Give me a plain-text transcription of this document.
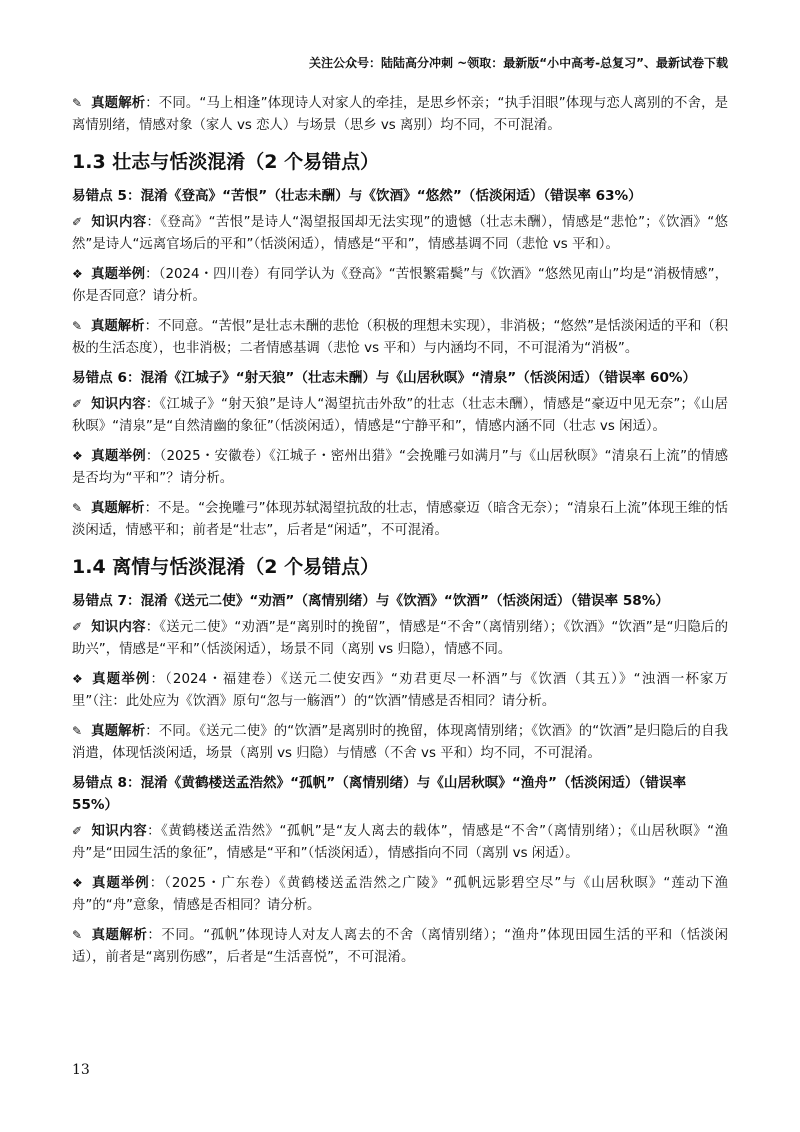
关注公众号：陆陆高分冲刺 ~领取：最新版“小中高考-总复习”、最新试卷下载

✎ 真题解析：不同。“马上相逢”体现诗人对家人的牵挂，是思乡怀亲；“执手泪眼”体现与恋人离别的不舍，是离情别绪，情感对象（家人 vs 恋人）与场景（思乡 vs 离别）均不同，不可混淆。

1.3 壮志与恬淡混淆（2 个易错点）
易错点 5：混淆《登高》“苦恨”（壮志未酬）与《饮酒》“悠然”（恬淡闲适）（错误率 63%）

✐ 知识内容：《登高》“苦恨”是诗人“渴望报国却无法实现”的遗憾（壮志未酬），情感是“悲怆”；《饮酒》“悠然”是诗人“远离官场后的平和”（恬淡闲适），情感是“平和”，情感基调不同（悲怆 vs 平和）。

❖ 真题举例：（2024・四川卷）有同学认为《登高》“苦恨繁霜鬓”与《饮酒》“悠然见南山”均是“消极情感”，你是否同意？请分析。

✎ 真题解析：不同意。“苦恨”是壮志未酬的悲怆（积极的理想未实现），非消极；“悠然”是恬淡闲适的平和（积极的生活态度），也非消极；二者情感基调（悲怆 vs 平和）与内涵均不同，不可混淆为“消极”。

易错点 6：混淆《江城子》“射天狼”（壮志未酬）与《山居秋暝》“清泉”（恬淡闲适）（错误率 60%）

✐ 知识内容：《江城子》“射天狼”是诗人“渴望抗击外敌”的壮志（壮志未酬），情感是“豪迈中见无奈”；《山居秋暝》“清泉”是“自然清幽的象征”（恬淡闲适），情感是“宁静平和”，情感内涵不同（壮志 vs 闲适）。

❖ 真题举例：（2025・安徽卷）《江城子・密州出猎》“会挽雕弓如满月”与《山居秋暝》“清泉石上流”的情感是否均为“平和”？请分析。

✎ 真题解析：不是。“会挽雕弓”体现苏轼渴望抗敌的壮志，情感豪迈（暗含无奈）；“清泉石上流”体现王维的恬淡闲适，情感平和；前者是“壮志”，后者是“闲适”，不可混淆。

1.4 离情与恬淡混淆（2 个易错点）
易错点 7：混淆《送元二使》“劝酒”（离情别绪）与《饮酒》“饮酒”（恬淡闲适）（错误率 58%）

✐ 知识内容：《送元二使》“劝酒”是“离别时的挽留”，情感是“不舍”（离情别绪）；《饮酒》“饮酒”是“归隐后的助兴”，情感是“平和”（恬淡闲适），场景不同（离别 vs 归隐），情感不同。

❖ 真题举例：（2024・福建卷）《送元二使安西》“劝君更尽一杯酒”与《饮酒（其五）》“浊酒一杯家万里”（注：此处应为《饮酒》原句“忽与一觞酒”）的“饮酒”情感是否相同？请分析。

✎ 真题解析：不同。《送元二使》的“饮酒”是离别时的挽留，体现离情别绪；《饮酒》的“饮酒”是归隐后的自我消遣，体现恬淡闲适，场景（离别 vs 归隐）与情感（不舍 vs 平和）均不同，不可混淆。

易错点 8：混淆《黄鹤楼送孟浩然》“孤帆”（离情别绪）与《山居秋暝》“渔舟”（恬淡闲适）（错误率 55%）

✐ 知识内容：《黄鹤楼送孟浩然》“孤帆”是“友人离去的载体”，情感是“不舍”（离情别绪）；《山居秋暝》“渔舟”是“田园生活的象征”，情感是“平和”（恬淡闲适），情感指向不同（离别 vs 闲适）。

❖ 真题举例：（2025・广东卷）《黄鹤楼送孟浩然之广陵》“孤帆远影碧空尽”与《山居秋暝》“莲动下渔舟”的“舟”意象，情感是否相同？请分析。

✎ 真题解析：不同。“孤帆”体现诗人对友人离去的不舍（离情别绪）；“渔舟”体现田园生活的平和（恬淡闲适），前者是“离别伤感”，后者是“生活喜悦”，不可混淆。

13
